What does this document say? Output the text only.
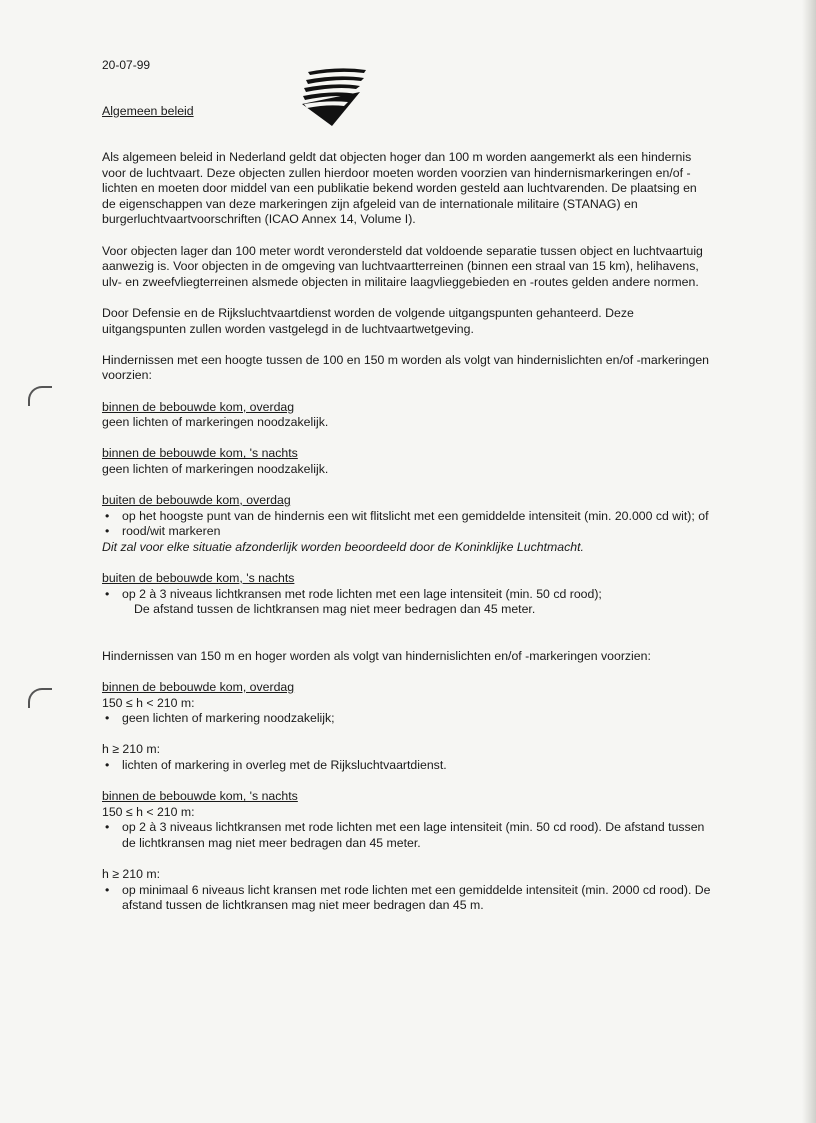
20-07-99
Algemeen beleid

Als algemeen beleid in Nederland geldt dat objecten hoger dan 100 m worden aangemerkt als een hindernis voor de luchtvaart. Deze objecten zullen hierdoor moeten worden voorzien van hindernismarkeringen en/of -lichten en moeten door middel van een publikatie bekend worden gesteld aan luchtvarenden. De plaatsing en de eigenschappen van deze markeringen zijn afgeleid van de internationale militaire (STANAG) en burgerluchtvaartvoorschriften (ICAO Annex 14, Volume I).

Voor objecten lager dan 100 meter wordt verondersteld dat voldoende separatie tussen object en luchtvaartuig aanwezig is. Voor objecten in de omgeving van luchtvaartterreinen (binnen een straal van 15 km), helihavens, ulv- en zweefvliegterreinen alsmede objecten in militaire laagvlieggebieden en -routes gelden andere normen.

Door Defensie en de Rijksluchtvaartdienst worden de volgende uitgangspunten gehanteerd. Deze uitgangspunten zullen worden vastgelegd in de luchtvaartwetgeving.

Hindernissen met een hoogte tussen de 100 en 150 m worden als volgt van hindernislichten en/of -markeringen voorzien:

binnen de bebouwde kom, overdag

geen lichten of markeringen noodzakelijk.

binnen de bebouwde kom, 's nachts

geen lichten of markeringen noodzakelijk.

buiten de bebouwde kom, overdag

• op het hoogste punt van de hindernis een wit flitslicht met een gemiddelde intensiteit (min. 20.000 cd wit); of
• rood/wit markeren

Dit zal voor elke situatie afzonderlijk worden beoordeeld door de Koninklijke Luchtmacht.

buiten de bebouwde kom, 's nachts

• op 2 à 3 niveaus lichtkransen met rode lichten met een lage intensiteit (min. 50 cd rood);

De afstand tussen de lichtkransen mag niet meer bedragen dan 45 meter.

Hindernissen van 150 m en hoger worden als volgt van hindernislichten en/of -markeringen voorzien:

binnen de bebouwde kom, overdag

150 ≤ h < 210 m:

• geen lichten of markering noodzakelijk;

h ≥ 210 m:

• lichten of markering in overleg met de Rijksluchtvaartdienst.

binnen de bebouwde kom, 's nachts

150 ≤ h < 210 m:

• op 2 à 3 niveaus lichtkransen met rode lichten met een lage intensiteit (min. 50 cd rood). De afstand tussen de lichtkransen mag niet meer bedragen dan 45 meter.

h ≥ 210 m:

• op minimaal 6 niveaus licht kransen met rode lichten met een gemiddelde intensiteit (min. 2000 cd rood). De afstand tussen de lichtkransen mag niet meer bedragen dan 45 m.
